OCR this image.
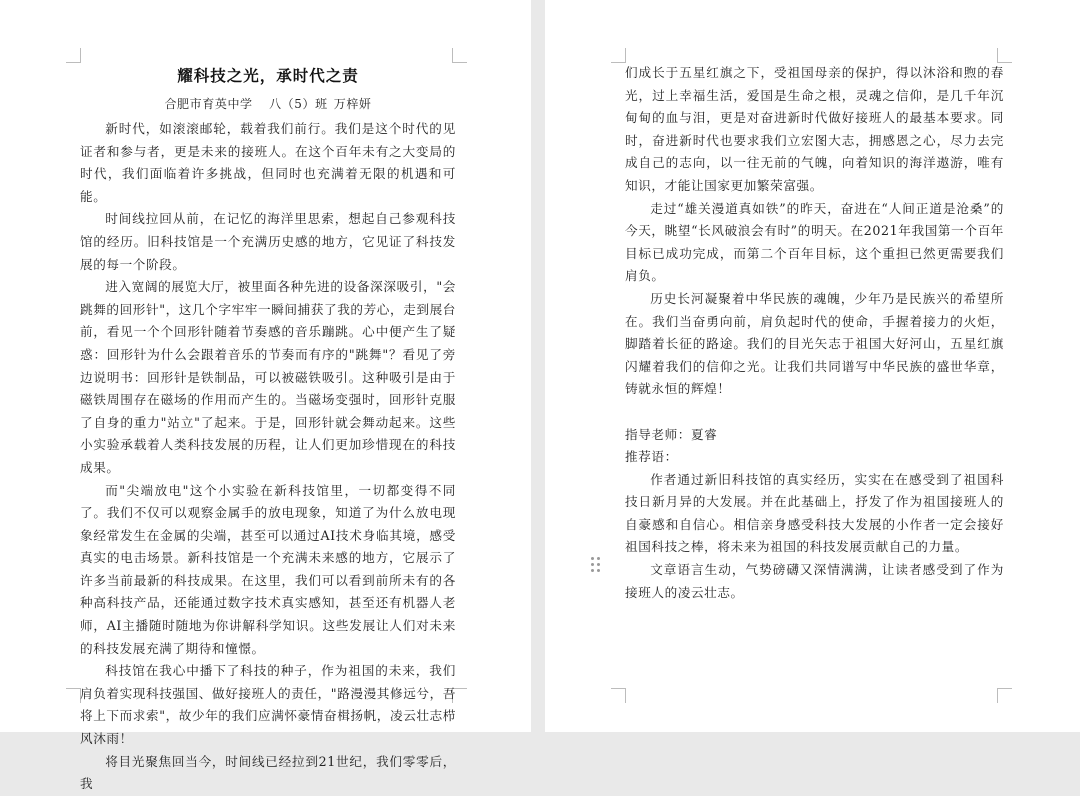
耀科技之光，承时代之责
合肥市育英中学 八（5）班 万梓妍

新时代，如滚滚邮轮，载着我们前行。我们是这个时代的见证者和参与者，更是未来的接班人。在这个百年未有之大变局的时代，我们面临着许多挑战，但同时也充满着无限的机遇和可能。

时间线拉回从前，在记忆的海洋里思索，想起自己参观科技馆的经历。旧科技馆是一个充满历史感的地方，它见证了科技发展的每一个阶段。

进入宽阔的展览大厅，被里面各种先进的设备深深吸引，"会跳舞的回形针"，这几个字牢牢一瞬间捕获了我的芳心，走到展台前，看见一个个回形针随着节奏感的音乐蹦跳。心中便产生了疑惑：回形针为什么会跟着音乐的节奏而有序的"跳舞"？看见了旁边说明书：回形针是铁制品，可以被磁铁吸引。这种吸引是由于磁铁周围存在磁场的作用而产生的。当磁场变强时，回形针克服了自身的重力"站立"了起来。于是，回形针就会舞动起来。这些小实验承载着人类科技发展的历程，让人们更加珍惜现在的科技成果。

而"尖端放电"这个小实验在新科技馆里，一切都变得不同了。我们不仅可以观察金属手的放电现象，知道了为什么放电现象经常发生在金属的尖端，甚至可以通过AI技术身临其境，感受真实的电击场景。新科技馆是一个充满未来感的地方，它展示了许多当前最新的科技成果。在这里，我们可以看到前所未有的各种高科技产品，还能通过数字技术真实感知，甚至还有机器人老师，AI主播随时随地为你讲解科学知识。这些发展让人们对未来的科技发展充满了期待和憧憬。

科技馆在我心中播下了科技的种子，作为祖国的未来，我们肩负着实现科技强国、做好接班人的责任，"路漫漫其修远兮，吾将上下而求索"，故少年的我们应满怀豪情奋楫扬帆，凌云壮志栉风沐雨！

将目光聚焦回当今，时间线已经拉到21世纪，我们零零后，我

们成长于五星红旗之下，受祖国母亲的保护，得以沐浴和煦的春光，过上幸福生活，爱国是生命之根，灵魂之信仰，是几千年沉甸甸的血与泪，更是对奋进新时代做好接班人的最基本要求。同时，奋进新时代也要求我们立宏图大志，拥感恩之心，尽力去完成自己的志向，以一往无前的气魄，向着知识的海洋遨游，唯有知识，才能让国家更加繁荣富强。

走过“雄关漫道真如铁”的昨天，奋进在“人间正道是沧桑”的今天，眺望“长风破浪会有时”的明天。在2021年我国第一个百年目标已成功完成，而第二个百年目标，这个重担已然更需要我们肩负。

历史长河凝聚着中华民族的魂魄，少年乃是民族兴的希望所在。我们当奋勇向前，肩负起时代的使命，手握着接力的火炬，脚踏着长征的路途。我们的目光矢志于祖国大好河山，五星红旗闪耀着我们的信仰之光。让我们共同谱写中华民族的盛世华章，铸就永恒的辉煌！

指导老师：夏睿

推荐语：

作者通过新旧科技馆的真实经历，实实在在感受到了祖国科技日新月异的大发展。并在此基础上，抒发了作为祖国接班人的自豪感和自信心。相信亲身感受科技大发展的小作者一定会接好祖国科技之棒，将未来为祖国的科技发展贡献自己的力量。

文章语言生动，气势磅礴又深情满满，让读者感受到了作为接班人的凌云壮志。
